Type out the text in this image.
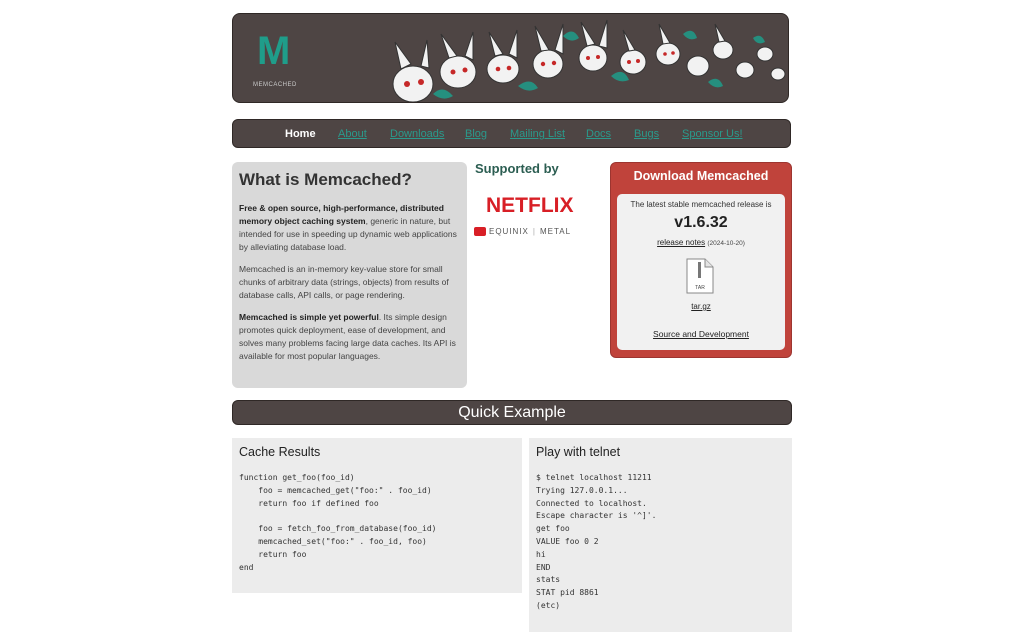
M
MEMCACHED
Home About Downloads Blog Mailing List Docs Bugs Sponsor Us!
What is Memcached?

Free & open source, high-performance, distributed memory object caching system, generic in nature, but intended for use in speeding up dynamic web applications by alleviating database load.

Memcached is an in-memory key-value store for small chunks of arbitrary data (strings, objects) from results of database calls, API calls, or page rendering.

Memcached is simple yet powerful. Its simple design promotes quick deployment, ease of development, and solves many problems facing large data caches. Its API is available for most popular languages.

Supported by
NETFLIX
EQUINIX | METAL
Download Memcached
The latest stable memcached release is
v1.6.32
release notes (2024-10-20)
TAR
tar.gz
Source and Development
Quick Example
Cache Results
function get_foo(foo_id)
foo = memcached_get("foo:" . foo_id)
return foo if defined foo

foo = fetch_foo_from_database(foo_id)
memcached_set("foo:" . foo_id, foo)
return foo
end
Play with telnet
$ telnet localhost 11211
Trying 127.0.0.1...
Connected to localhost.
Escape character is '^]'.
get foo
VALUE foo 0 2
hi
END
stats
STAT pid 8861
(etc)
